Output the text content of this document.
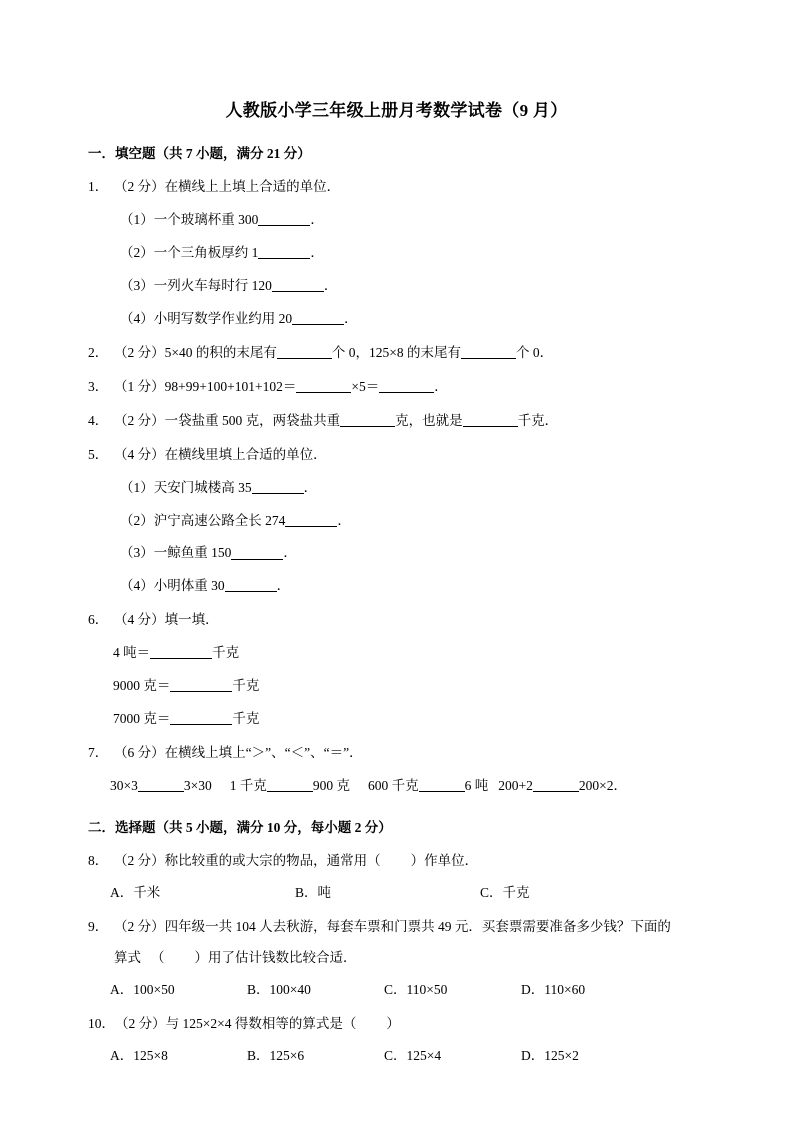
人教版小学三年级上册月考数学试卷（9 月）
一．填空题（共 7 小题，满分 21 分）
1． （2 分）在横线上上填上合适的单位．
（1）一个玻璃杯重 300	．
（2）一个三角板厚约 1	．
（3）一列火车每时行 120	．
（4）小明写数学作业约用 20	．
2． （2 分）5×40 的积的末尾有	个 0，125×8 的末尾有	个 0．
3． （1 分）98+99+100+101+102＝	×5＝	．
4． （2 分）一袋盐重 500 克，两袋盐共重	克，也就是	千克．
5． （4 分）在横线里填上合适的单位．
（1）天安门城楼高 35	．
（2）沪宁高速公路全长 274	．
（3）一鲸鱼重 150	．
（4）小明体重 30	．
6． （4 分）填一填．
4 吨＝	千克
9000 克＝	千克
7000 克＝	千克
7． （6 分）在横线上填上“＞”、“＜”、“＝”．
30×3	3×30 1 千克	900 克 600 千克	6 吨 200+2	200×2．
二．选择题（共 5 小题，满分 10 分，每小题 2 分）
8． （2 分）称比较重的或大宗的物品，通常用（ ）作单位．
A．千米	B．吨	C．千克
9． （2 分）四年级一共 104 人去秋游，每套车票和门票共 49 元．买套票需要准备多少钱？下面的
算式 （ ）用了估计钱数比较合适．
A．100×50	B．100×40	C．110×50	D．110×60
10． （2 分）与 125×2×4 得数相等的算式是（ ）
A．125×8	B．125×6	C．125×4	D．125×2
